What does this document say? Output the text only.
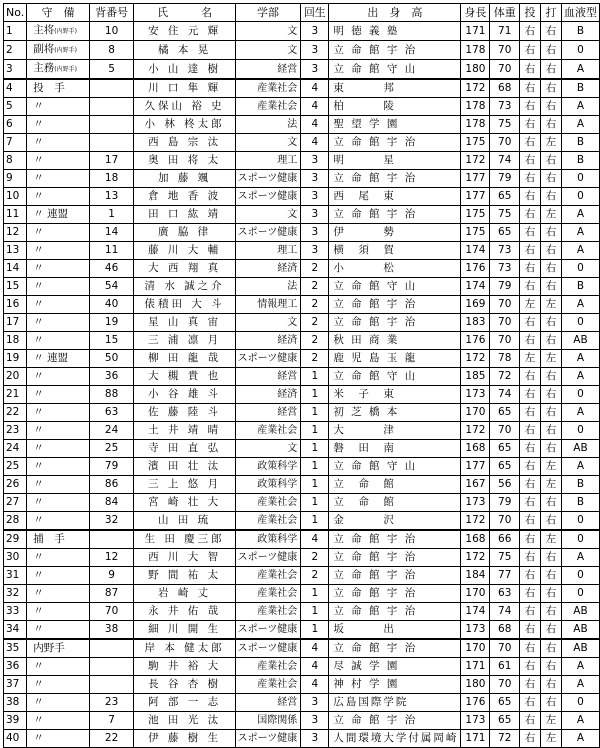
No.	守　備	背番号	氏　　　名	学部	回生	出　身　高	身長	体重	投	打	血液型
1	主将(内野手)	10	安 住 元 輝	文	3	明 徳 義 塾	171	71	右	右	B
2	副将(内野手)	8	橘 本 晃	文	3	立 命 館 宇 治	178	70	右	右	0
3	主務(内野手)	5	小 山 達 樹	経営	3	立 命 館 守 山	180	70	右	右	A
4	投　手		川 口 隼 輝	産業社会	4	東　　　邦	172	68	右	右	B
5	〃		久保山 裕 史	産業社会	4	柏　　　陵	178	73	右	右	A
6	〃		小 林 柊太郎	法	4	聖 望 学 園	178	75	右	右	A
7	〃		西 島 宗 汰	文	4	立 命 館 宇 治	175	70	右	左	B
8	〃	17	奥 田 将 太	理工	3	明　　　星	172	74	右	右	B
9	〃	18	加 藤 颯	スポーツ健康	3	立 命 館 宇 治	177	79	右	右	0
10	〃	13	倉 地 香 波	スポーツ健康	3	西　尾　東	177	65	右	右	0
11	〃 連盟	1	田 口 紘 靖	文	3	立 命 館 宇 治	175	75	右	左	A
12	〃	14	廣 脇 律	スポーツ健康	3	伊　　　勢	175	65	右	右	A
13	〃	11	藤 川 大 輔	理工	3	横　須　賀	174	73	右	右	A
14	〃	46	大 西 翔 真	経済	2	小　　　松	176	73	右	右	0
15	〃	54	清 水 誠之介	法	2	立 命 館 守 山	174	79	右	右	B
16	〃	40	俵積田 大 斗	情報理工	2	立 命 館 宇 治	169	70	左	左	A
17	〃	19	星 山 真 宙	文	2	立 命 館 宇 治	183	70	右	右	0
18	〃	15	三 浦 凛 月	経済	2	秋 田 商 業	176	70	右	右	AB
19	〃 連盟	50	柳 田 龍 哉	スポーツ健康	2	鹿 児 島 玉 龍	172	78	左	左	A
20	〃	36	大 槻 貴 也	経営	1	立 命 館 守 山	185	72	右	右	A
21	〃	88	小 谷 雄 斗	経済	1	米　子　東	173	74	右	右	0
22	〃	63	佐 藤 陸 斗	経営	1	初 芝 橋 本	170	65	右	右	A
23	〃	24	土 井 靖 晴	産業社会	1	大　　　津	172	70	右	右	0
24	〃	25	寺 田 直 弘	文	1	磐　田　南	168	65	右	右	AB
25	〃	79	濱 田 壮 汰	政策科学	1	立 命 館 守 山	177	65	右	左	A
26	〃	86	三 上 悠 月	政策科学	1	立　命　館	167	56	右	左	B
27	〃	84	宮 崎 壮 大	産業社会	1	立　命　館	173	79	右	右	B
28	〃	32	山 田 琉	産業社会	1	金　　　沢	172	70	右	右	0
29	捕　手		生 田 慶三郎	政策科学	4	立 命 館 宇 治	168	66	右	左	0
30	〃	12	西 川 大 智	スポーツ健康	2	立 命 館 宇 治	172	75	右	右	A
31	〃	9	野 間 祐 太	産業社会	2	立 命 館 宇 治	184	77	右	右	0
32	〃	87	岩 崎 丈	産業社会	1	立 命 館 宇 治	170	63	右	右	0
33	〃	70	永 井 佑 哉	産業社会	1	立 命 館 宇 治	174	74	右	右	AB
34	〃	38	細 川 開 生	スポーツ健康	1	坂　　　出	173	68	右	右	AB
35	内野手		岸 本 健太郎	スポーツ健康	4	立 命 館 宇 治	170	70	右	右	AB
36	〃		駒 井 裕 大	産業社会	4	尽 誠 学 園	171	61	右	右	A
37	〃		長 谷 杏 樹	産業社会	4	神 村 学 園	180	70	右	右	A
38	〃	23	阿 部 一 志	経営	3	広島国際学院	176	65	右	右	0
39	〃	7	池 田 光 汰	国際関係	3	立 命 館 宇 治	173	65	右	左	A
40	〃	22	伊 藤 樹 生	スポーツ健康	3	人間環境大学付属岡崎	171	72	右	左	A
